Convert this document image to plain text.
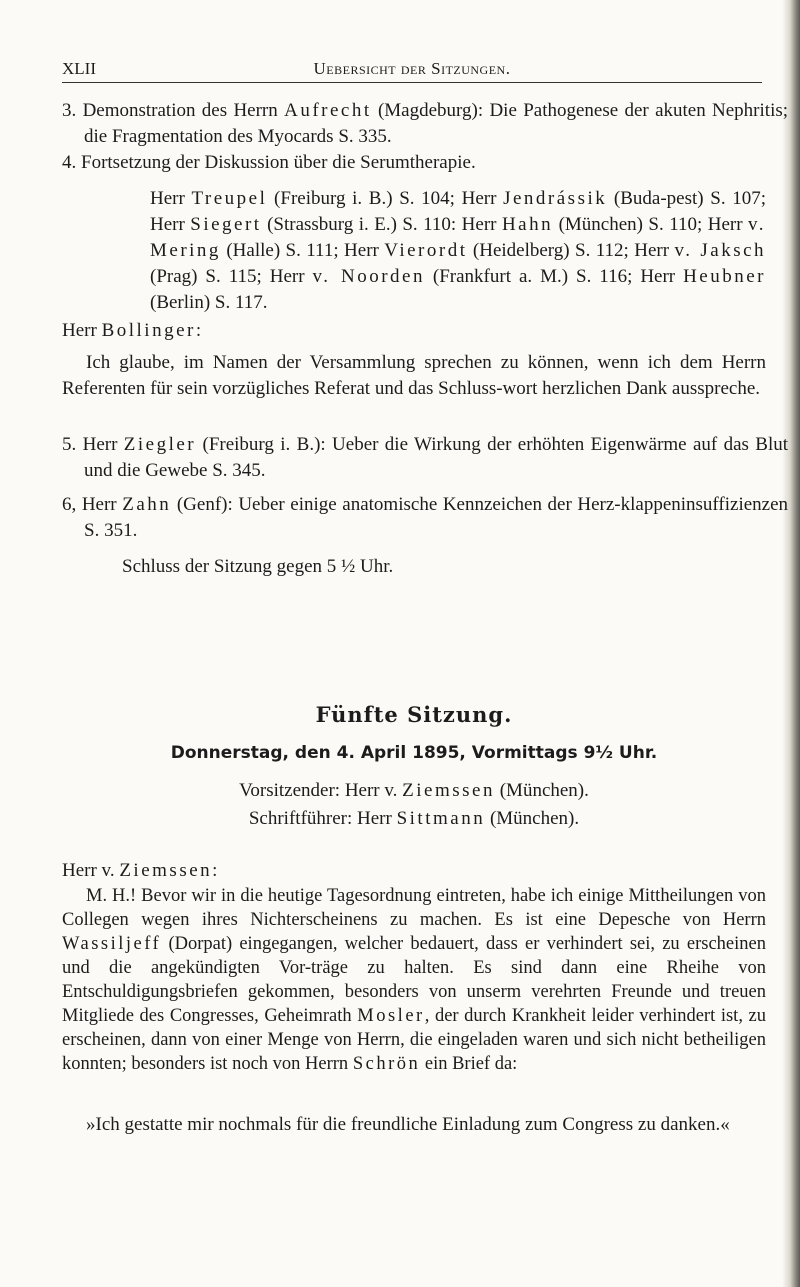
XLII	Uebersicht der Sitzungen.
3. Demonstration des Herrn Aufrecht (Magdeburg): Die Pathogenese der akuten Nephritis; die Fragmentation des Myocards S. 335.
4. Fortsetzung der Diskussion über die Serumtherapie.
Herr Treupel (Freiburg i. B.) S. 104; Herr Jendrássik (Buda-pest) S. 107; Herr Siegert (Strassburg i. E.) S. 110: Herr Hahn (München) S. 110; Herr v. Mering (Halle) S. 111; Herr Vierordt (Heidelberg) S. 112; Herr v. Jaksch (Prag) S. 115; Herr v. Noorden (Frankfurt a. M.) S. 116; Herr Heubner (Berlin) S. 117.
Herr Bollinger:
Ich glaube, im Namen der Versammlung sprechen zu können, wenn ich dem Herrn Referenten für sein vorzügliches Referat und das Schluss-wort herzlichen Dank ausspreche.
5. Herr Ziegler (Freiburg i. B.): Ueber die Wirkung der erhöhten Eigenwärme auf das Blut und die Gewebe S. 345.
6, Herr Zahn (Genf): Ueber einige anatomische Kennzeichen der Herz-klappeninsuffizienzen S. 351.
Schluss der Sitzung gegen 5 ½ Uhr.
Fünfte Sitzung.
Donnerstag, den 4. April 1895, Vormittags 9½ Uhr.
Vorsitzender: Herr v. Ziemssen (München).
Schriftführer: Herr Sittmann (München).
Herr v. Ziemssen:
M. H.! Bevor wir in die heutige Tagesordnung eintreten, habe ich einige Mittheilungen von Collegen wegen ihres Nichterscheinens zu machen. Es ist eine Depesche von Herrn Wassiljeff (Dorpat) eingegangen, welcher bedauert, dass er verhindert sei, zu erscheinen und die angekündigten Vor-träge zu halten. Es sind dann eine Rheihe von Entschuldigungsbriefen gekommen, besonders von unserm verehrten Freunde und treuen Mitgliede des Congresses, Geheimrath Mosler, der durch Krankheit leider verhindert ist, zu erscheinen, dann von einer Menge von Herrn, die eingeladen waren und sich nicht betheiligen konnten; besonders ist noch von Herrn Schrön ein Brief da:
»Ich gestatte mir nochmals für die freundliche Einladung zum Congress zu danken.«
